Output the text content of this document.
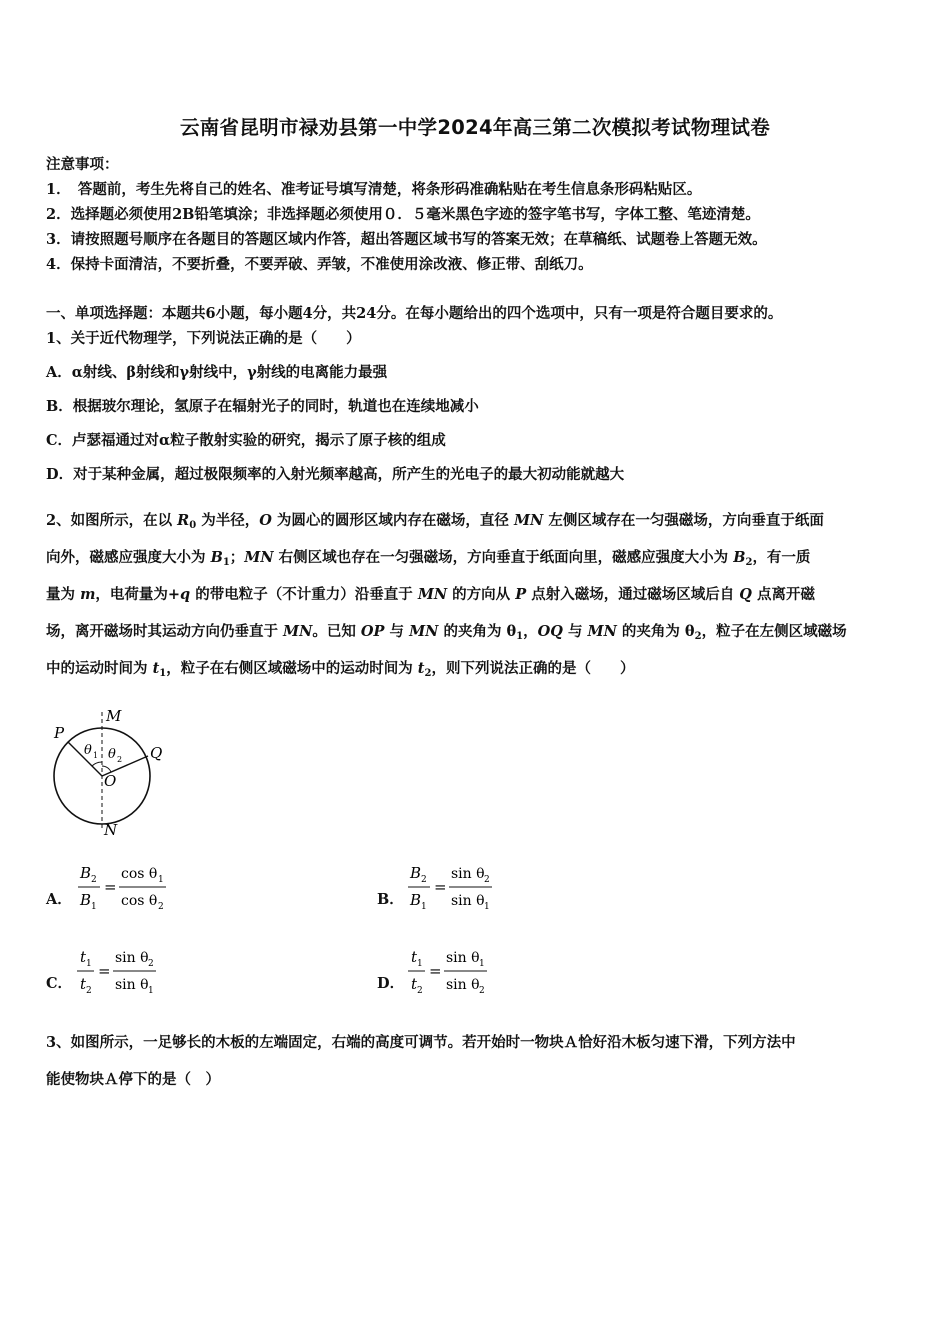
云南省昆明市禄劝县第一中学2024年高三第二次模拟考试物理试卷
注意事项：
1．　答题前，考生先将自己的姓名、准考证号填写清楚，将条形码准确粘贴在考生信息条形码粘贴区。
2．选择题必须使用2B铅笔填涂；非选择题必须使用０．５毫米黑色字迹的签字笔书写，字体工整、笔迹清楚。
3．请按照题号顺序在各题目的答题区域内作答，超出答题区域书写的答案无效；在草稿纸、试题卷上答题无效。
4．保持卡面清洁，不要折叠，不要弄破、弄皱，不准使用涂改液、修正带、刮纸刀。
一、单项选择题：本题共6小题，每小题4分，共24分。在每小题给出的四个选项中，只有一项是符合题目要求的。
1、关于近代物理学，下列说法正确的是（　　）
A．α射线、β射线和γ射线中，γ射线的电离能力最强
B．根据玻尔理论，氢原子在辐射光子的同时，轨道也在连续地减小
C．卢瑟福通过对α粒子散射实验的研究，揭示了原子核的组成
D．对于某种金属，超过极限频率的入射光频率越高，所产生的光电子的最大初动能就越大
2、如图所示，在以 $R_0$ 为半径，O 为圆心的圆形区域内存在磁场，直径 MN 左侧区域存在一匀强磁场，方向垂直于纸面
向外，磁感应强度大小为 $B_1$；MN 右侧区域也存在一匀强磁场，方向垂直于纸面向里，磁感应强度大小为 $B_2$，有一质
量为 m，电荷量为+q 的带电粒子（不计重力）沿垂直于 MN 的方向从 P 点射入磁场，通过磁场区域后自 Q 点离开磁
场，离开磁场时其运动方向仍垂直于 MN。已知 OP 与 MN 的夹角为 $\theta_1$，OQ 与 MN 的夹角为 $\theta_2$，粒子在左侧区域磁场
中的运动时间为 $t_1$，粒子在右侧区域磁场中的运动时间为 $t_2$，则下列说法正确的是（　　）
M
N
P
Q
O
θ 1 θ 2
A．
B 2
B 1
=
cos θ 1
cos θ 2	B．
B 2
B 1
=
sin θ 2
sin θ 1
C．
t 1
t 2
=
sin θ 2
sin θ 1	D．
t 1
t 2
=
sin θ 1
sin θ 2
3、如图所示，一足够长的木板的左端固定，右端的高度可调节。若开始时一物块Ａ恰好沿木板匀速下滑，下列方法中
能使物块Ａ停下的是（　）
